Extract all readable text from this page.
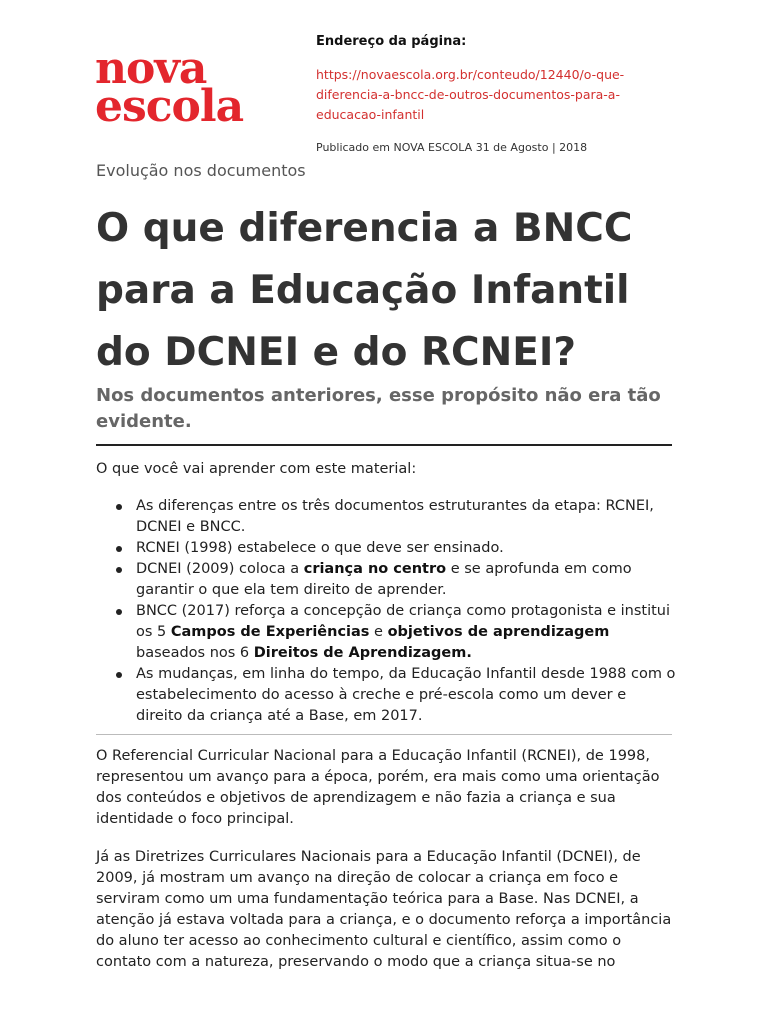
nova
escola

Endereço da página:

https://novaescola.org.br/conteudo/12440/o-que-diferencia-a-bncc-de-outros-documentos-para-a-educacao-infantil

Publicado em NOVA ESCOLA 31 de Agosto | 2018

Evolução nos documentos
O que diferencia a BNCC para a Educação Infantil do DCNEI e do RCNEI?

Nos documentos anteriores, esse propósito não era tão evidente.

O que você vai aprender com este material:

As diferenças entre os três documentos estruturantes da etapa: RCNEI, DCNEI e BNCC.
RCNEI (1998) estabelece o que deve ser ensinado.
DCNEI (2009) coloca a criança no centro e se aprofunda em como garantir o que ela tem direito de aprender.
BNCC (2017) reforça a concepção de criança como protagonista e institui os 5 Campos de Experiências e objetivos de aprendizagem baseados nos 6 Direitos de Aprendizagem.
As mudanças, em linha do tempo, da Educação Infantil desde 1988 com o estabelecimento do acesso à creche e pré-escola como um dever e direito da criança até a Base, em 2017.

O Referencial Curricular Nacional para a Educação Infantil (RCNEI), de 1998, representou um avanço para a época, porém, era mais como uma orientação dos conteúdos e objetivos de aprendizagem e não fazia a criança e sua identidade o foco principal.

Já as Diretrizes Curriculares Nacionais para a Educação Infantil (DCNEI), de 2009, já mostram um avanço na direção de colocar a criança em foco e serviram como um uma fundamentação teórica para a Base. Nas DCNEI, a atenção já estava voltada para a criança, e o documento reforça a importância do aluno ter acesso ao conhecimento cultural e científico, assim como o contato com a natureza, preservando o modo que a criança situa-se no
